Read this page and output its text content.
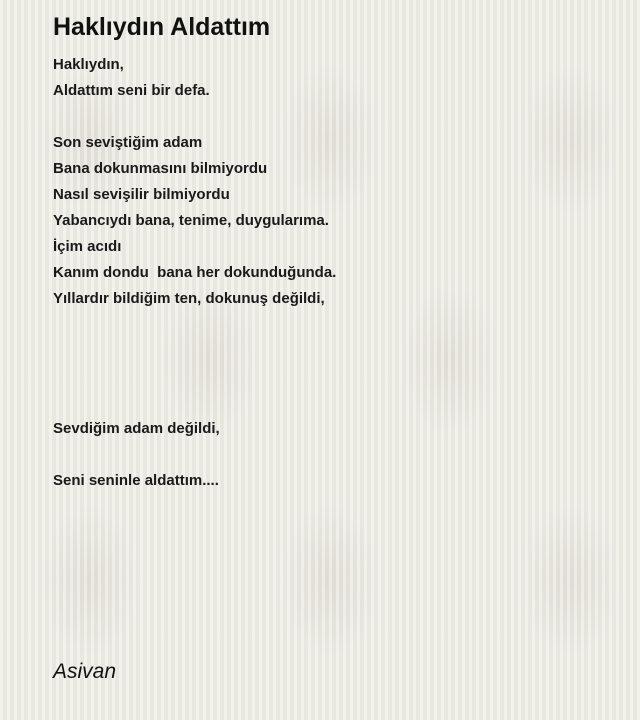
Haklıydın Aldattım
Haklıydın,
Aldattım seni bir defa.
Son seviştiğim adam
Bana dokunmasını bilmiyordu
Nasıl sevişilir bilmiyordu
Yabancıydı bana, tenime, duygularıma.
İçim acıdı
Kanım dondu  bana her dokunduğunda.
Yıllardır bildiğim ten, dokunuş değildi,
Sevdiğim adam değildi,
Seni seninle aldattım....
Asivan
